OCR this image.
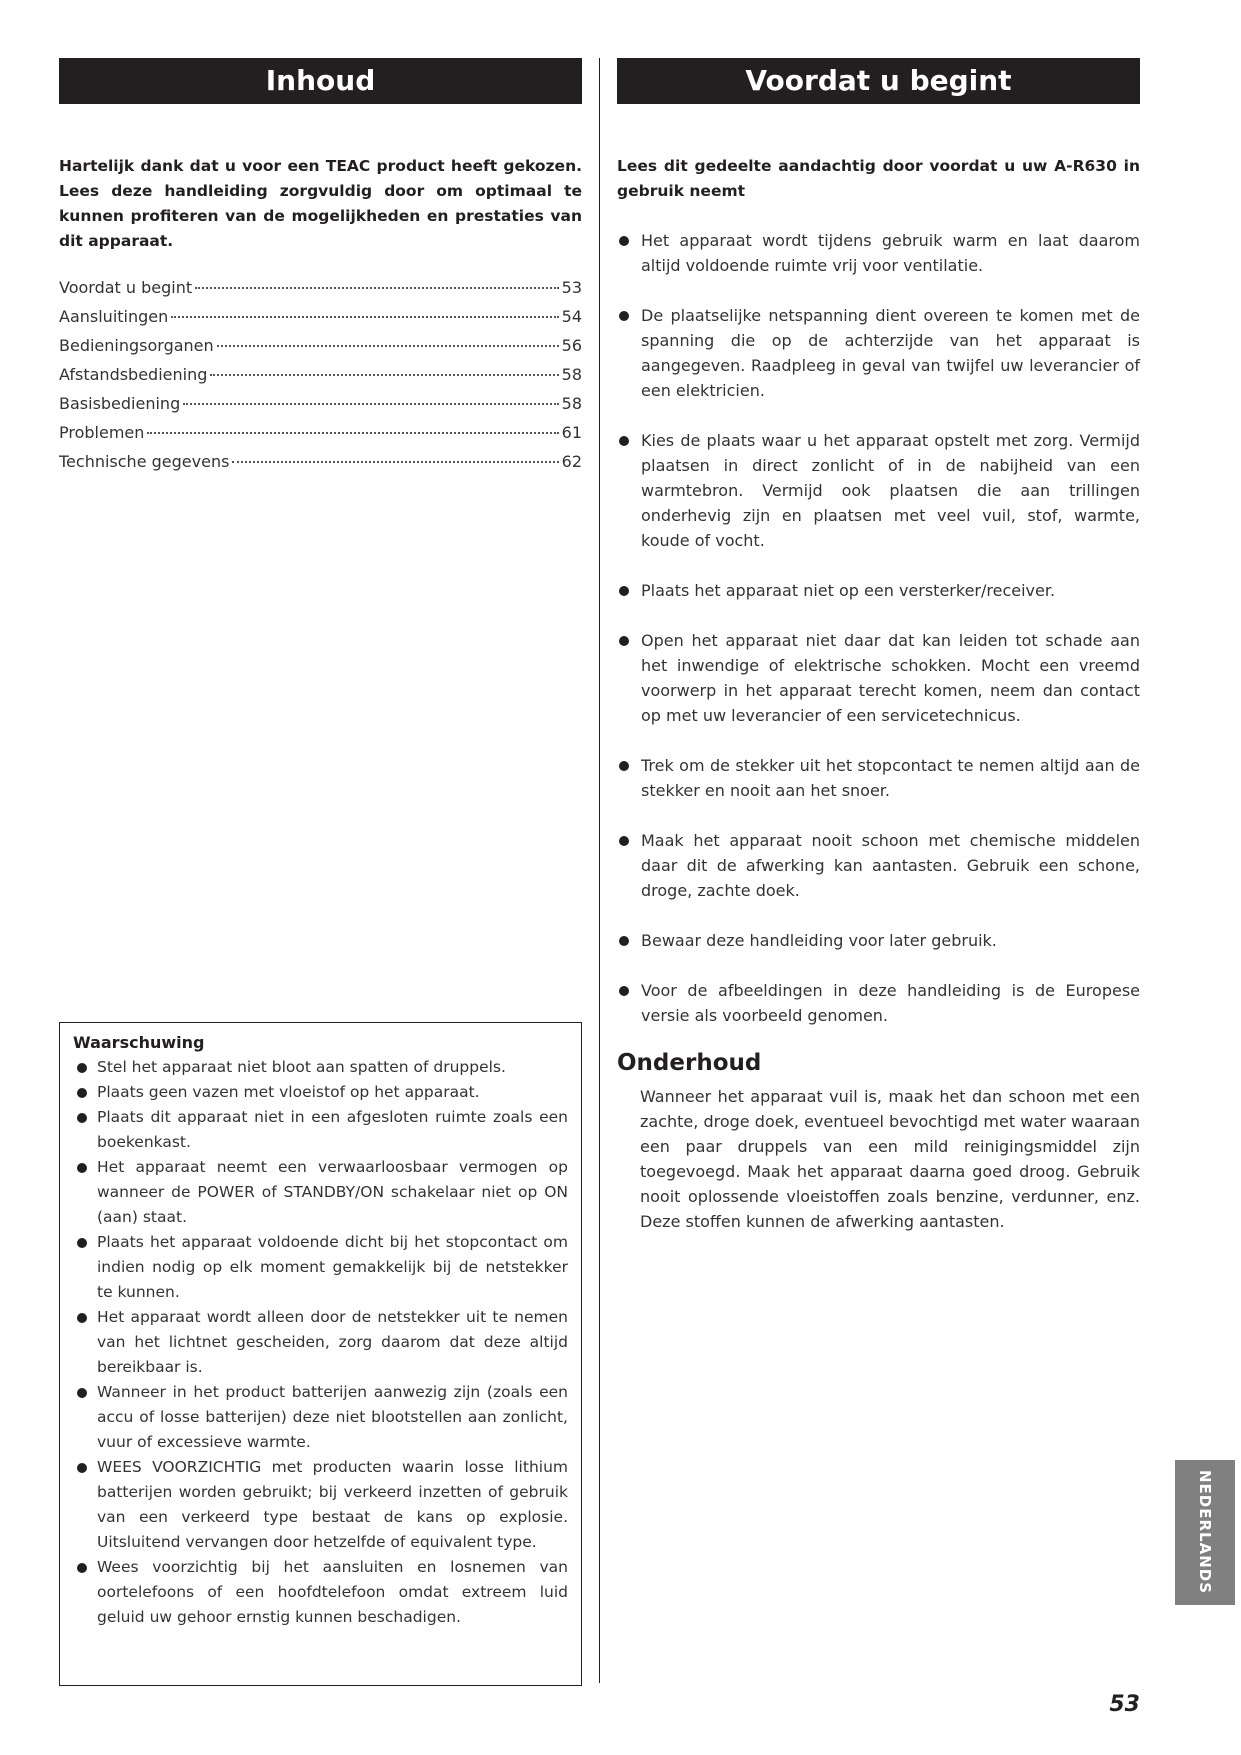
Inhoud
Hartelijk dank dat u voor een TEAC product heeft gekozen. Lees deze handleiding zorgvuldig door om optimaal te kunnen profiteren van de mogelijkheden en prestaties van dit apparaat.
Voordat u begint	53
Aansluitingen	54
Bedieningsorganen	56
Afstandsbediening	58
Basisbediening	58
Problemen	61
Technische gegevens	62
Waarschuwing
Stel het apparaat niet bloot aan spatten of druppels.
Plaats geen vazen met vloeistof op het apparaat.
Plaats dit apparaat niet in een afgesloten ruimte zoals een boekenkast.
Het apparaat neemt een verwaarloosbaar vermogen op wanneer de POWER of STANDBY/ON schakelaar niet op ON (aan) staat.
Plaats het apparaat voldoende dicht bij het stopcontact om indien nodig op elk moment gemakkelijk bij de netstekker te kunnen.
Het apparaat wordt alleen door de netstekker uit te nemen van het lichtnet gescheiden, zorg daarom dat deze altijd bereikbaar is.
Wanneer in het product batterijen aanwezig zijn (zoals een accu of losse batterijen) deze niet blootstellen aan zonlicht, vuur of excessieve warmte.
WEES VOORZICHTIG met producten waarin losse lithium batterijen worden gebruikt; bij verkeerd inzetten of gebruik van een verkeerd type bestaat de kans op explosie. Uitsluitend vervangen door hetzelfde of equivalent type.
Wees voorzichtig bij het aansluiten en losnemen van oortelefoons of een hoofdtelefoon omdat extreem luid geluid uw gehoor ernstig kunnen beschadigen.
Voordat u begint
Lees dit gedeelte aandachtig door voordat u uw A-R630 in gebruik neemt
Het apparaat wordt tijdens gebruik warm en laat daarom altijd voldoende ruimte vrij voor ventilatie.
De plaatselijke netspanning dient overeen te komen met de spanning die op de achterzijde van het apparaat is aangegeven. Raadpleeg in geval van twijfel uw leverancier of een elektricien.
Kies de plaats waar u het apparaat opstelt met zorg. Vermijd plaatsen in direct zonlicht of in de nabijheid van een warmtebron. Vermijd ook plaatsen die aan trillingen onderhevig zijn en plaatsen met veel vuil, stof, warmte, koude of vocht.
Plaats het apparaat niet op een versterker/receiver.
Open het apparaat niet daar dat kan leiden tot schade aan het inwendige of elektrische schokken. Mocht een vreemd voorwerp in het apparaat terecht komen, neem dan contact op met uw leverancier of een servicetechnicus.
Trek om de stekker uit het stopcontact te nemen altijd aan de stekker en nooit aan het snoer.
Maak het apparaat nooit schoon met chemische middelen daar dit de afwerking kan aantasten. Gebruik een schone, droge, zachte doek.
Bewaar deze handleiding voor later gebruik.
Voor de afbeeldingen in deze handleiding is de Europese versie als voorbeeld genomen.
Onderhoud
Wanneer het apparaat vuil is, maak het dan schoon met een zachte, droge doek, eventueel bevochtigd met water waaraan een paar druppels van een mild reinigingsmiddel zijn toegevoegd. Maak het apparaat daarna goed droog. Gebruik nooit oplossende vloeistoffen zoals benzine, verdunner, enz. Deze stoffen kunnen de afwerking aantasten.
NEDERLANDS
53
